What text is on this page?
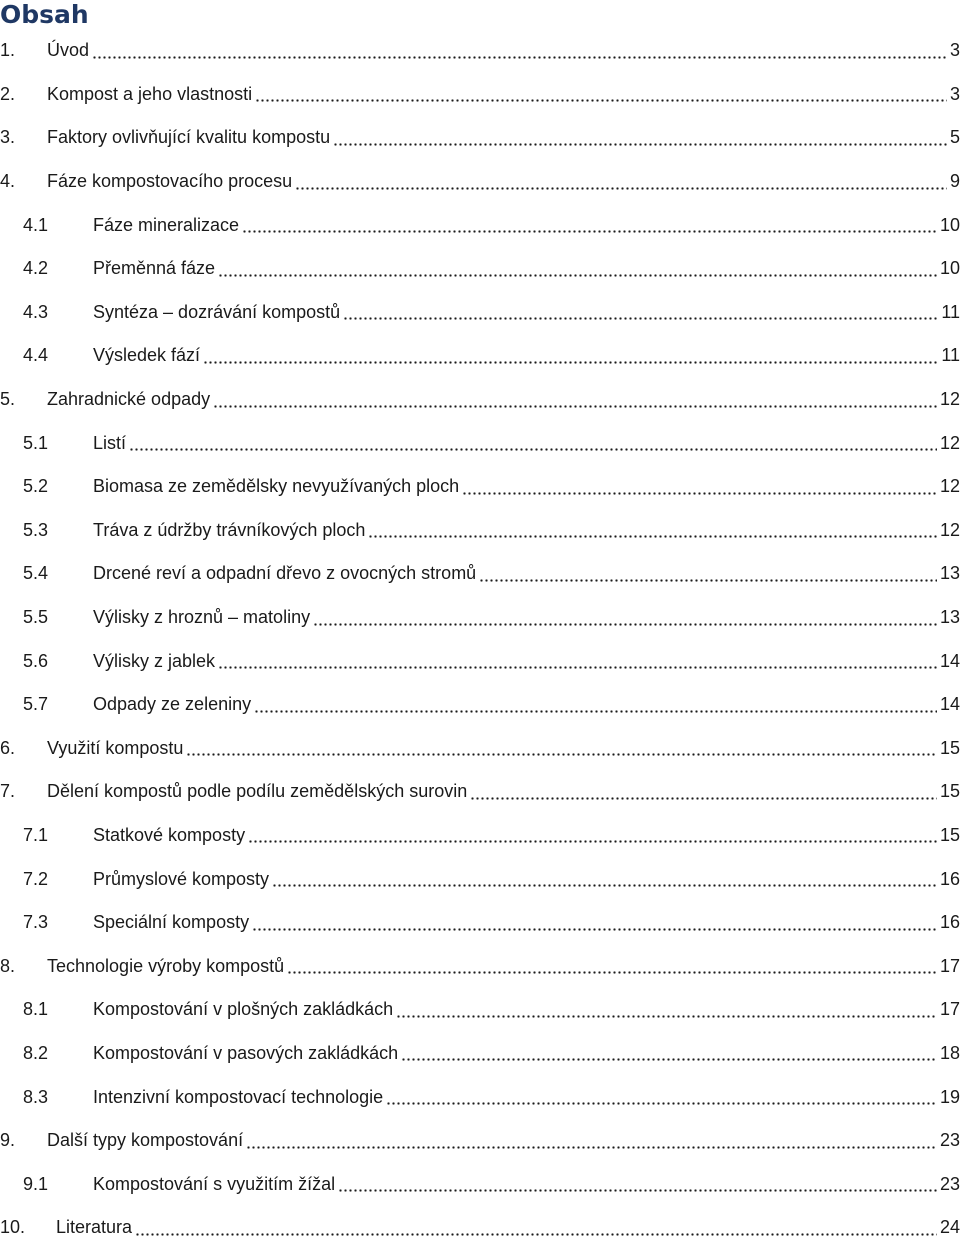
Obsah
1.	Úvod	3
2.	Kompost a jeho vlastnosti	3
3.	Faktory ovlivňující kvalitu kompostu	5
4.	Fáze kompostovacího procesu	9
4.1	Fáze mineralizace	10
4.2	Přeměnná fáze	10
4.3	Syntéza – dozrávání kompostů	11
4.4	Výsledek fází	11
5.	Zahradnické odpady	12
5.1	Listí	12
5.2	Biomasa ze zemědělsky nevyužívaných ploch	12
5.3	Tráva z údržby trávníkových ploch	12
5.4	Drcené reví a odpadní dřevo z ovocných stromů	13
5.5	Výlisky z hroznů – matoliny	13
5.6	Výlisky z jablek	14
5.7	Odpady ze zeleniny	14
6.	Využití kompostu	15
7.	Dělení kompostů podle podílu zemědělských surovin	15
7.1	Statkové komposty	15
7.2	Průmyslové komposty	16
7.3	Speciální komposty	16
8.	Technologie výroby kompostů	17
8.1	Kompostování v plošných zakládkách	17
8.2	Kompostování v pasových zakládkách	18
8.3	Intenzivní kompostovací technologie	19
9.	Další typy kompostování	23
9.1	Kompostování s využitím žížal	23
10.	Literatura	24
